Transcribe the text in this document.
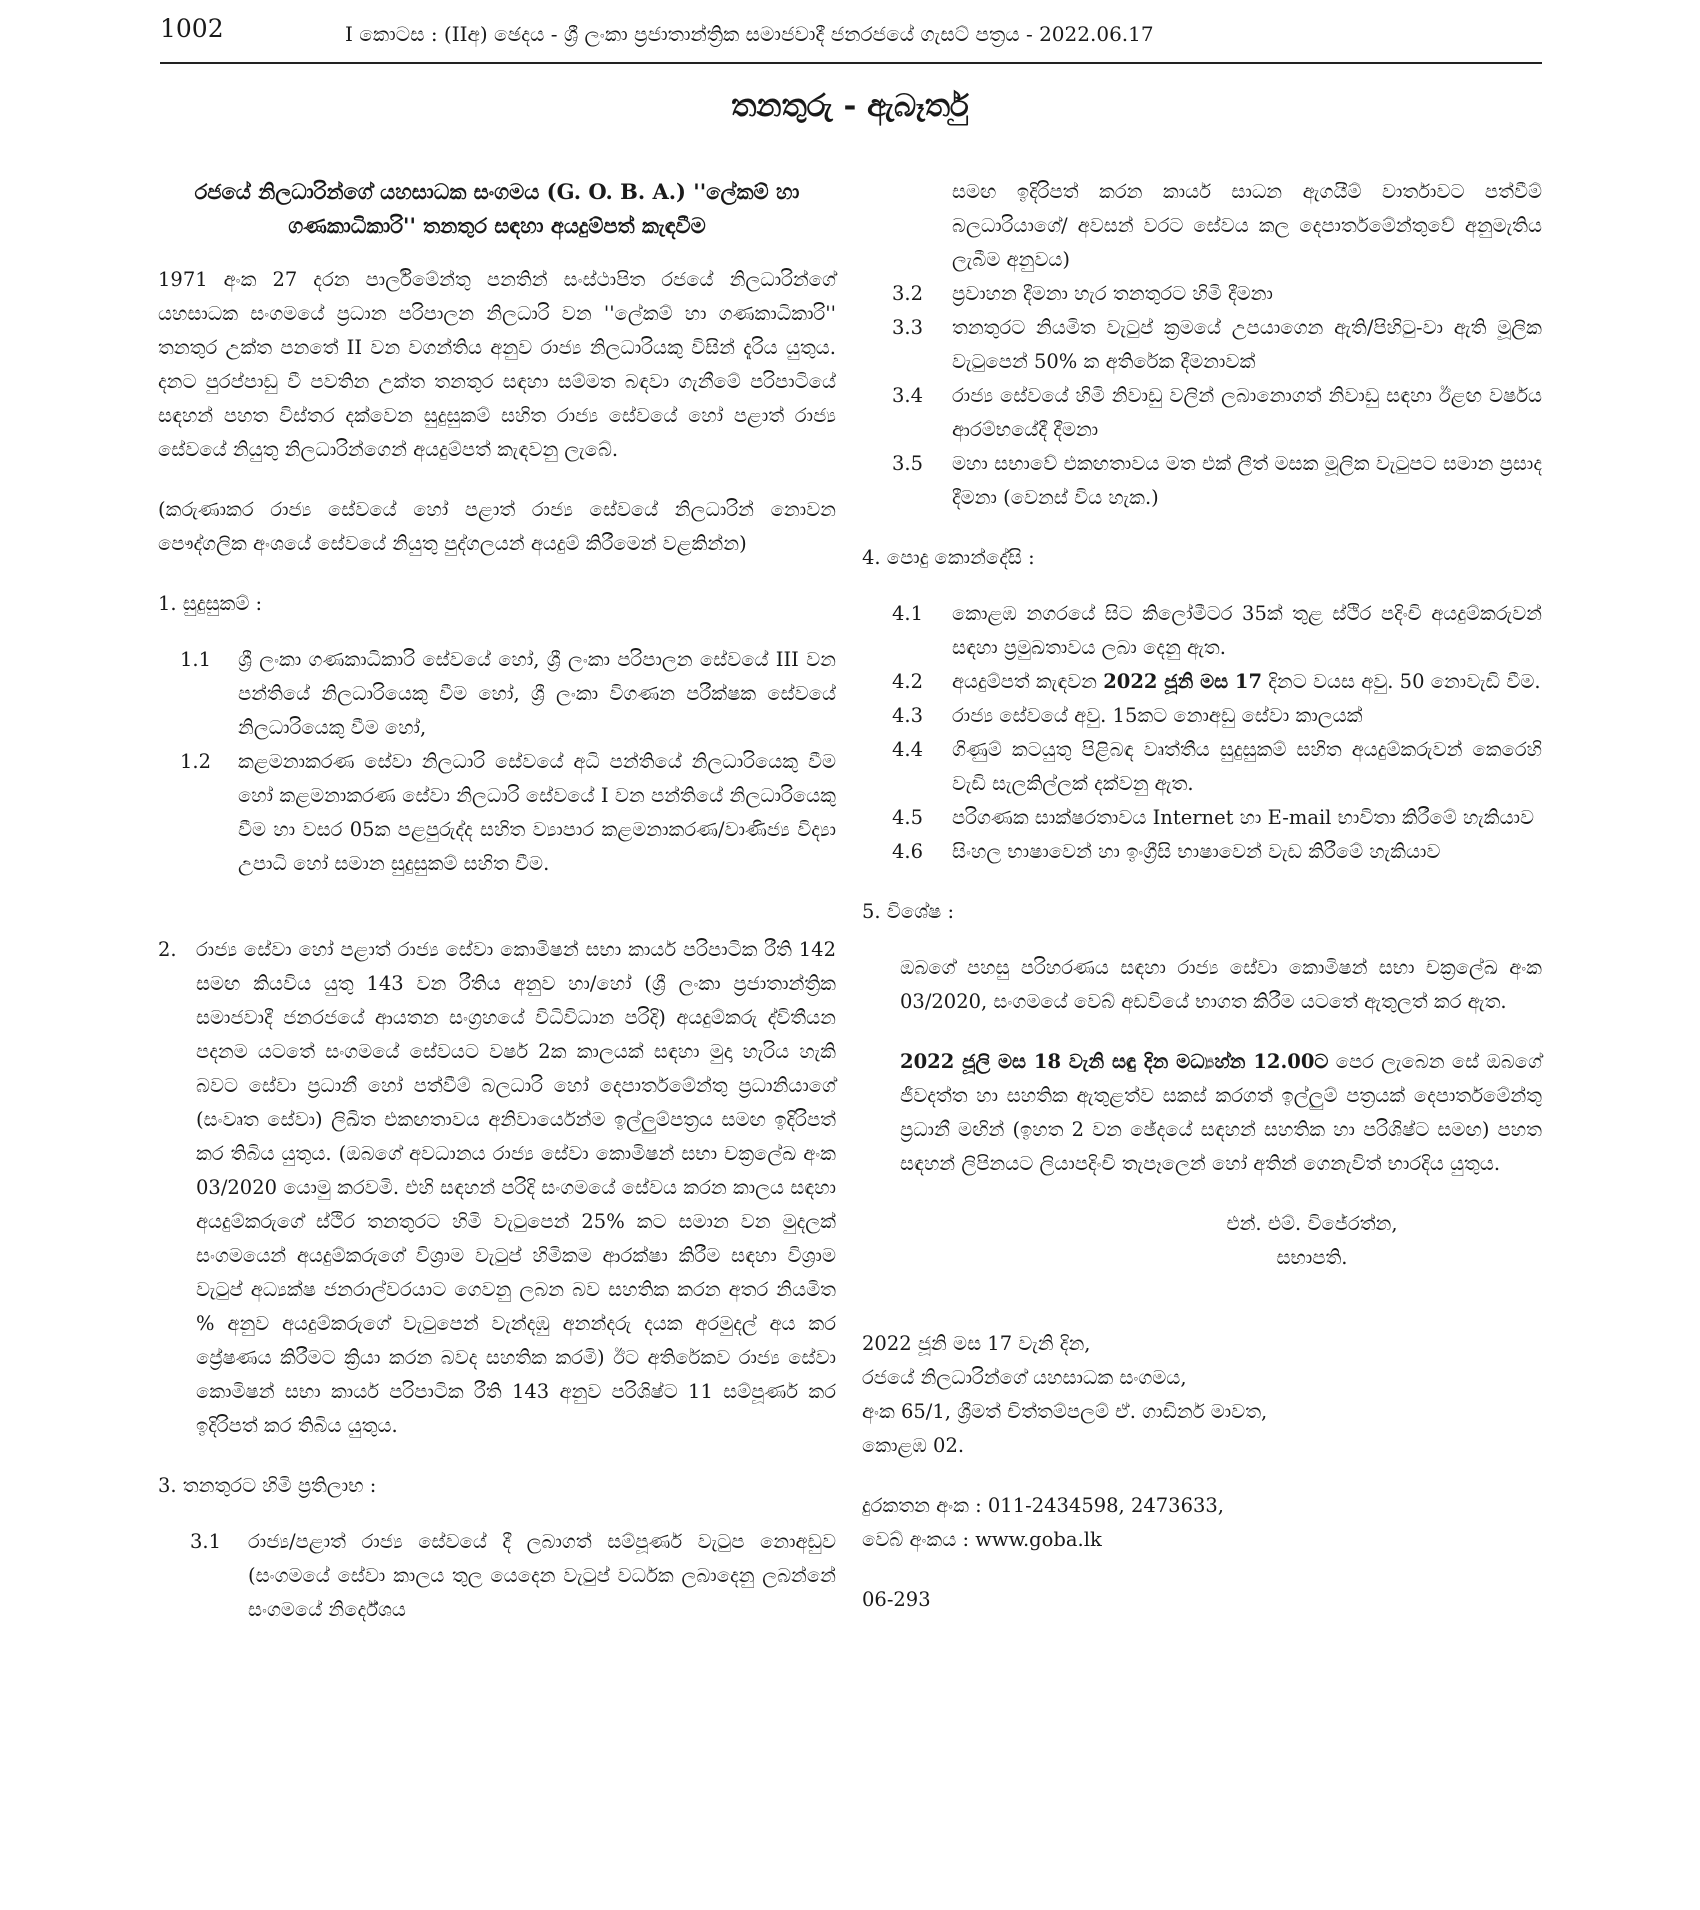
1002	I කොටස : (IIඅ) ඡෙදය - ශ්‍රී ලංකා ප්‍රජාතාන්ත්‍රික සමාජවාදී ජනරජයේ ගැසට් පත්‍රය - 2022.06.17
තනතුරු - ඇබෑර්තු
රජයේ නිලධාරින්ගේ යහසාධක සංගමය (G. O. B. A.) ''ලේකම් හා ගණකාධිකාරි'' තනතුර සඳහා අයදුම්පත් කැඳවීම

1971 අංක 27 දරන පාර්ලිමේන්තු පනතින් සංස්ථාපිත රජයේ නිලධාරින්ගේ යහසාධක සංගමයේ ප්‍රධාන පරිපාලන නිලධාරි වන ''ලේකම් හා ගණකාධිකාරි'' තනතුර උක්ත පනතේ II වන වගන්තිය අනුව රාජ්‍ය නිලධාරියකු විසින් දැරිය යුතුය. දනට පුරප්පාඩු වී පවතින උක්ත තනතුර සඳහා සම්මත බඳවා ගැනීමේ පරිපාටියේ සඳහන් පහත විස්තර දක්වෙන සුදුසුකම් සහිත රාජ්‍ය සේවයේ හෝ පළාත් රාජ්‍ය සේවයේ නියුතු නිලධාරින්ගෙන් අයදුම්පත් කැඳවනු ලැබේ.

(කරුණාකර රාජ්‍ය සේවයේ හෝ පළාත් රාජ්‍ය සේවයේ නිලධාරින් නොවන පෞද්ගලික අංශයේ සේවයේ නියුතු පුද්ගලයන් අයදුම් කිරීමෙන් වළකින්න)

1. සුදුසුකම් :

1.1	ශ්‍රී ලංකා ගණකාධිකාරි සේවයේ හෝ, ශ්‍රී ලංකා පරිපාලන සේවයේ III වන පන්තියේ නිලධාරියෙකු වීම හෝ, ශ්‍රී ලංකා විගණන පරීක්ෂක සේවයේ නිලධාරියෙකු වීම හෝ,
1.2	කළමනාකරණ සේවා නිලධාරි සේවයේ අධි පන්තියේ නිලධාරියෙකු වීම හෝ කළමනාකරණ සේවා නිලධාරි සේවයේ I වන පන්තියේ නිලධාරියෙකු වීම හා වසර 05ක පළපුරුද්ද සහිත ව්‍යාපාර කළමනාකරණ/වාණිජ්‍ය විද්‍යා උපාධි හෝ සමාන සුදුසුකම් සහිත වීම.
2. රාජ්‍ය සේවා හෝ පළාත් රාජ්‍ය සේවා කොමිෂන් සභා කාර්ය පරිපාටික රීති 142 සමඟ කියවිය යුතු 143 වන රීතිය අනුව හා/හෝ (ශ්‍රී ලංකා ප්‍රජාතාන්ත්‍රික සමාජවාදී ජනරජයේ ආයතන සංග්‍රහයේ විධිවිධාන පරිදි) අයදුම්කරු ද්විතීයන පදනම යටතේ සංගමයේ සේවයට වර්ෂ 2ක කාලයක් සඳහා මුදා හැරිය හැකි බවට සේවා ප්‍රධානී හෝ පත්වීම් බලධාරි හෝ දෙපාර්තමේන්තු ප්‍රධානියාගේ (සංවෘත සේවා) ලිඛිත එකඟතාවය අනිවාර්යෙන්ම ඉල්ලුම්පත්‍රය සමඟ ඉදිරිපත් කර තිබිය යුතුය. (ඔබගේ අවධානය රාජ්‍ය සේවා කොමිෂන් සභා චක්‍රලේඛ අංක 03/2020 යොමු කරවමි. එහි සඳහන් පරිදි සංගමයේ සේවය කරන කාලය සඳහා අයදුම්කරුගේ ස්ථිර තනතුරට හිමි වැටුපෙන් 25% කට සමාන වන මුදලක් සංගමයෙන් අයදුම්කරුගේ විශ්‍රාම වැටුප් හිමිකම ආරක්ෂා කිරීම සඳහා විශ්‍රාම වැටුප් අධ්‍යක්ෂ ජනරාල්වරයාට ගෙවනු ලබන බව සහතික කරන අතර නියමිත % අනුව අයදුම්කරුගේ වැටුපෙන් වැන්දඹු අනන්දරු දයක අරමුදල් අය කර ප්‍රේෂණය කිරීමට ක්‍රියා කරන බවද සහතික කරමි) ඊට අතිරේකව රාජ්‍ය සේවා කොමිෂන් සභා කාර්ය පරිපාටික රීති 143 අනුව පරිශිෂ්ට 11 සම්පූර්ණ කර ඉදිරිපත් කර තිබිය යුතුය.

3. තනතුරට හිමි ප්‍රතිලාභ :

3.1	රාජ්‍ය/පළාත් රාජ්‍ය සේවයේ දී ලබාගත් සම්පූර්ණ වැටුප නොඅඩුව (සංගමයේ සේවා කාලය තුල යෙදෙන වැටුප් වර්ධක ලබාදෙනු ලබන්නේ සංගමයේ නිර්දේශය
සමඟ ඉදිරිපත් කරන කාර්ය සාධන ඇගයීම් වාර්තාවට පත්වීම් බලධාරියාගේ/ අවසන් වරට සේවය කල දෙපාර්තමේන්තුවේ අනුමැතිය ලැබීම අනුවය)
3.2	ප්‍රවාහන දීමනා හැර තනතුරට හිමි දීමනා
3.3	තනතුරට නියමිත වැටුප් ක්‍රමයේ උපයාගෙන ඇති/පිහිටු-වා ඇති මූලික වැටුපෙන් 50% ක අතිරේක දීමනාවක්
3.4	රාජ්‍ය සේවයේ හිමි නිවාඩු වලින් ලබානොගත් නිවාඩු සඳහා ඊළඟ වර්ෂය ආරම්භයේදී දීමනා
3.5	මහා සභාවේ එකඟතාවය මත එක් ලීත් මසක මූලික වැටුපට සමාන ප්‍රසාද දීමනා (වෙනස් විය හැක.)

4. පොදු කොන්දේසි :

4.1	කොළඹ නගරයේ සිට කිලෝමීටර 35ක් තුළ ස්ථිර පදිංචි අයදුම්කරුවන් සඳහා ප්‍රමුඛතාවය ලබා දෙනු ඇත.
4.2	අයදුම්පත් කැඳවන 2022 ජූනි මස 17 දිනට වයස අවු. 50 නොවැඩි වීම.
4.3	රාජ්‍ය සේවයේ අවු. 15කට නොඅඩු සේවා කාලයක්
4.4	ගිණුම් කටයුතු පිළිබඳ වෘත්තීය සුදුසුකම් සහිත අයදුම්කරුවන් කෙරෙහි වැඩි සැලකිල්ලක් දක්වනු ඇත.
4.5	පරිගණක සාක්ෂරතාවය Internet හා E-mail භාවිතා කිරීමේ හැකියාව
4.6	සිංහල භාෂාවෙන් හා ඉංග්‍රීසි භාෂාවෙන් වැඩ කිරීමේ හැකියාව

5. විශේෂ :

ඔබගේ පහසු පරිහරණය සඳහා රාජ්‍ය සේවා කොමිෂන් සභා චක්‍රලේඛ අංක 03/2020, සංගමයේ වෙබ් අඩවියේ භාගත කිරීම යටතේ ඇතුලත් කර ඇත.

2022 ජූලි මස 18 වැනි සඳු දින මධ්‍යහ්න 12.00ට පෙර ලැබෙන සේ ඔබගේ ජීවදත්ත හා සහතික ඇතුළත්ව සකස් කරගත් ඉල්ලුම් පත්‍රයක් දෙපාර්තමේන්තු ප්‍රධානී මඟින් (ඉහත 2 වන ඡේදයේ සඳහන් සහතික හා පරිශිෂ්ට සමඟ) පහත සඳහන් ලිපිනයට ලියාපදිංචි තැපෑලෙන් හෝ අතින් ගෙනැවිත් භාරදිය යුතුය.

එන්. එම්. විජේරත්න,
සභාපති.

2022 ජූනි මස 17 වැනි දින,

රජයේ නිලධාරින්ගේ යහසාධක සංගමය,

අංක 65/1, ශ්‍රීමත් චිත්තම්පලම් ඒ. ගාඩිනර් මාවත,

කොළඹ 02.

දුරකතන අංක : 011-2434598, 2473633,

වෙබ් අංකය : www.goba.lk

06-293
